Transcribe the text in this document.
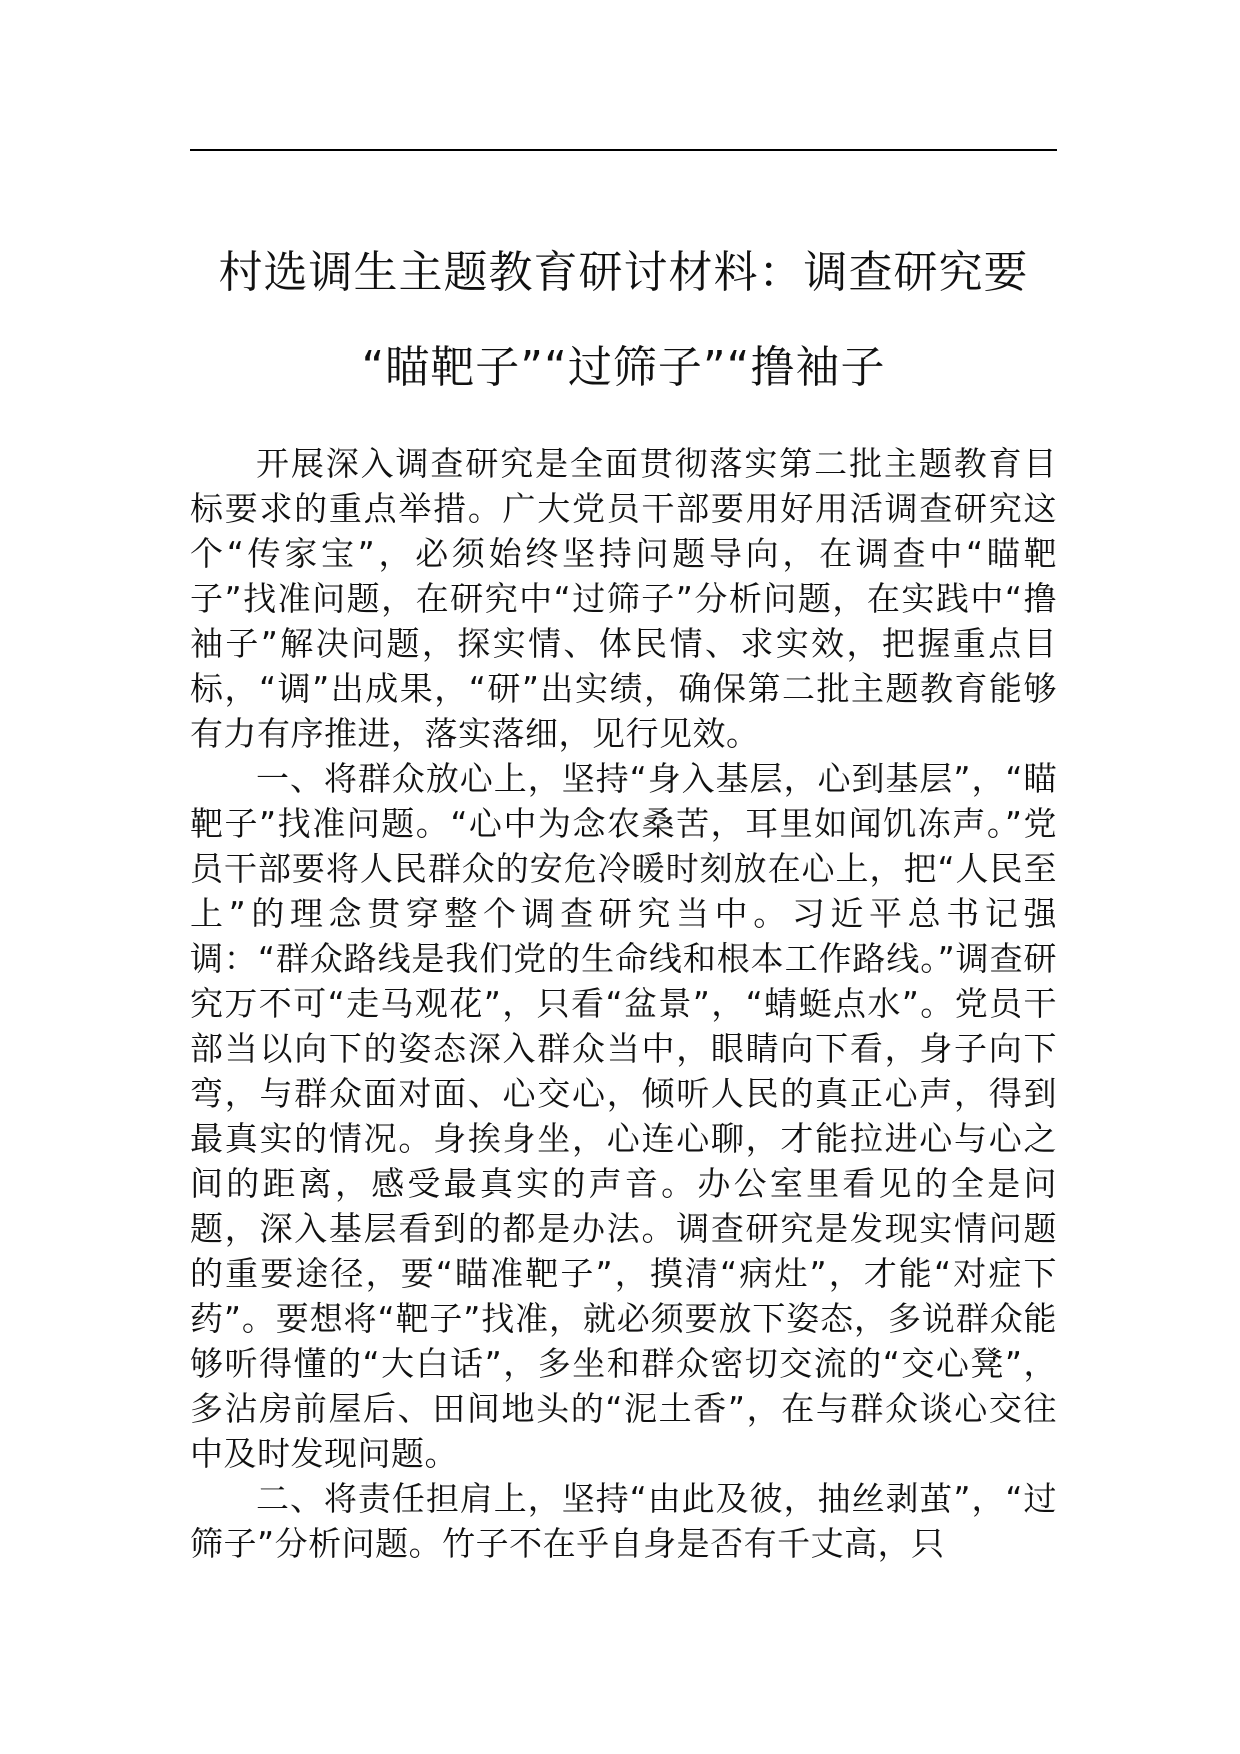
村选调生主题教育研讨材料：调查研究要
“瞄靶子”“过筛子”“撸袖子

开展深入调查研究是全面贯彻落实第二批主题教育目标要求的重点举措。广大党员干部要用好用活调查研究这个“传家宝”，必须始终坚持问题导向，在调查中“瞄靶子”找准问题，在研究中“过筛子”分析问题，在实践中“撸袖子”解决问题，探实情、体民情、求实效，把握重点目标，“调”出成果，“研”出实绩，确保第二批主题教育能够有力有序推进，落实落细，见行见效。

一、将群众放心上，坚持“身入基层，心到基层”，“瞄靶子”找准问题。“心中为念农桑苦，耳里如闻饥冻声。”党员干部要将人民群众的安危冷暖时刻放在心上，把“人民至上”的理念贯穿整个调查研究当中。习近平总书记强调：“群众路线是我们党的生命线和根本工作路线。”调查研究万不可“走马观花”，只看“盆景”，“蜻蜓点水”。党员干部当以向下的姿态深入群众当中，眼睛向下看，身子向下弯，与群众面对面、心交心，倾听人民的真正心声，得到最真实的情况。身挨身坐，心连心聊，才能拉进心与心之间的距离，感受最真实的声音。办公室里看见的全是问题，深入基层看到的都是办法。调查研究是发现实情问题的重要途径，要“瞄准靶子”，摸清“病灶”，才能“对症下药”。要想将“靶子”找准，就必须要放下姿态，多说群众能够听得懂的“大白话”，多坐和群众密切交流的“交心凳”，多沾房前屋后、田间地头的“泥土香”，在与群众谈心交往中及时发现问题。

二、将责任担肩上，坚持“由此及彼，抽丝剥茧”，“过筛子”分析问题。竹子不在乎自身是否有千丈高，只
